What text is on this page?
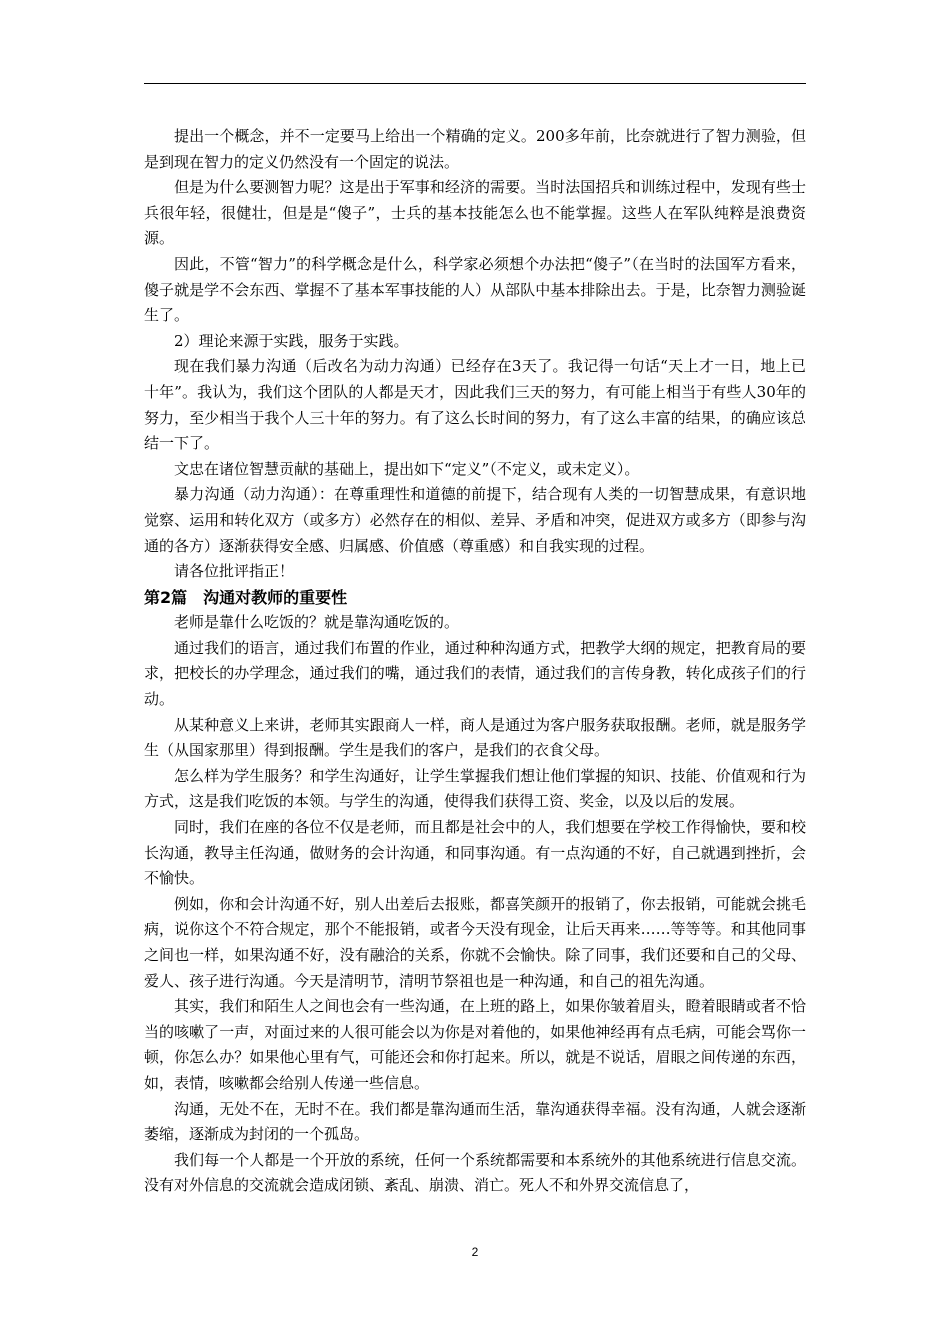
提出一个概念，并不一定要马上给出一个精确的定义。200多年前，比奈就进行了智力测验，但是到现在智力的定义仍然没有一个固定的说法。

但是为什么要测智力呢？这是出于军事和经济的需要。当时法国招兵和训练过程中，发现有些士兵很年轻，很健壮，但是是“傻子”，士兵的基本技能怎么也不能掌握。这些人在军队纯粹是浪费资源。

因此，不管“智力”的科学概念是什么，科学家必须想个办法把“傻子”（在当时的法国军方看来，傻子就是学不会东西、掌握不了基本军事技能的人）从部队中基本排除出去。于是，比奈智力测验诞生了。

2）理论来源于实践，服务于实践。

现在我们暴力沟通（后改名为动力沟通）已经存在3天了。我记得一句话“天上才一日，地上已十年”。我认为，我们这个团队的人都是天才，因此我们三天的努力，有可能上相当于有些人30年的努力，至少相当于我个人三十年的努力。有了这么长时间的努力，有了这么丰富的结果，的确应该总结一下了。

文忠在诸位智慧贡献的基础上，提出如下“定义”（不定义，或未定义）。

暴力沟通（动力沟通）：在尊重理性和道德的前提下，结合现有人类的一切智慧成果，有意识地觉察、运用和转化双方（或多方）必然存在的相似、差异、矛盾和冲突，促进双方或多方（即参与沟通的各方）逐渐获得安全感、归属感、价值感（尊重感）和自我实现的过程。

请各位批评指正！

第2篇　沟通对教师的重要性

老师是靠什么吃饭的？就是靠沟通吃饭的。

通过我们的语言，通过我们布置的作业，通过种种沟通方式，把教学大纲的规定，把教育局的要求，把校长的办学理念，通过我们的嘴，通过我们的表情，通过我们的言传身教，转化成孩子们的行动。

从某种意义上来讲，老师其实跟商人一样，商人是通过为客户服务获取报酬。老师，就是服务学生（从国家那里）得到报酬。学生是我们的客户，是我们的衣食父母。

怎么样为学生服务？和学生沟通好，让学生掌握我们想让他们掌握的知识、技能、价值观和行为方式，这是我们吃饭的本领。与学生的沟通，使得我们获得工资、奖金，以及以后的发展。

同时，我们在座的各位不仅是老师，而且都是社会中的人，我们想要在学校工作得愉快，要和校长沟通，教导主任沟通，做财务的会计沟通，和同事沟通。有一点沟通的不好，自己就遇到挫折，会不愉快。

例如，你和会计沟通不好，别人出差后去报账，都喜笑颜开的报销了，你去报销，可能就会挑毛病，说你这个不符合规定，那个不能报销，或者今天没有现金，让后天再来……等等等。和其他同事之间也一样，如果沟通不好，没有融洽的关系，你就不会愉快。除了同事，我们还要和自己的父母、爱人、孩子进行沟通。今天是清明节，清明节祭祖也是一种沟通，和自己的祖先沟通。

其实，我们和陌生人之间也会有一些沟通，在上班的路上，如果你皱着眉头，瞪着眼睛或者不恰当的咳嗽了一声，对面过来的人很可能会以为你是对着他的，如果他神经再有点毛病，可能会骂你一顿，你怎么办？如果他心里有气，可能还会和你打起来。所以，就是不说话，眉眼之间传递的东西，如，表情，咳嗽都会给别人传递一些信息。

沟通，无处不在，无时不在。我们都是靠沟通而生活，靠沟通获得幸福。没有沟通，人就会逐渐萎缩，逐渐成为封闭的一个孤岛。

我们每一个人都是一个开放的系统，任何一个系统都需要和本系统外的其他系统进行信息交流。没有对外信息的交流就会造成闭锁、紊乱、崩溃、消亡。死人不和外界交流信息了，

2
